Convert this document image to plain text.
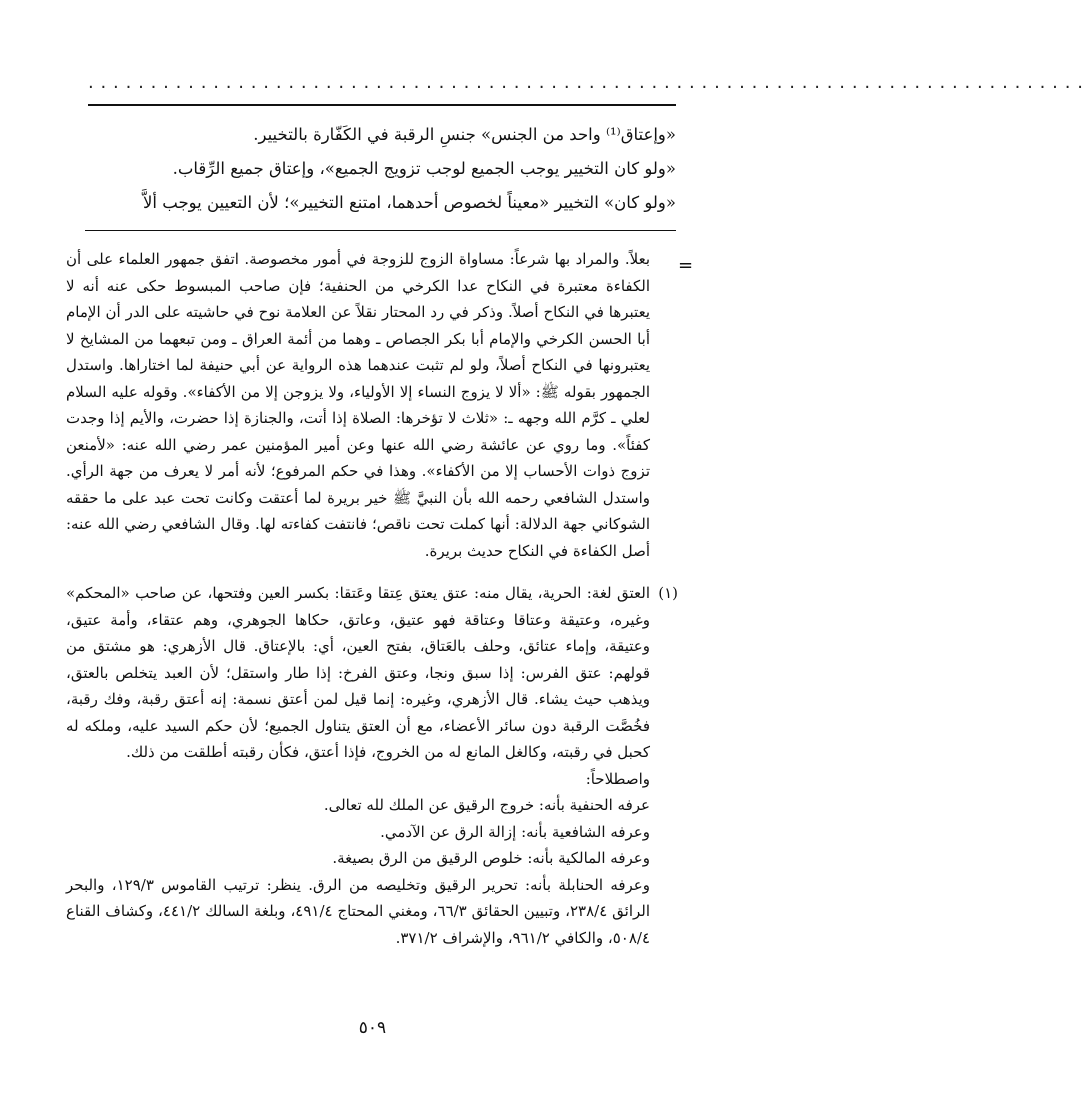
................................................................................

«وإعتاق⁽¹⁾ واحد من الجنس» جنسِ الرقبة في الكَفّارة بالتخيير.

«ولو كان التخيير يوجب الجميع لوجب تزويج الجميع»، وإعتاق جميع الرِّقاب.

«ولو كان» التخيير «معيناً لخصوص أحدهما، امتنع التخيير»؛ لأن التعيين يوجب ألاَّ

=

بعلاً. والمراد بها شرعاً: مساواة الزوج للزوجة في أمور مخصوصة. اتفق جمهور العلماء على أن الكفاءة معتبرة في النكاح عدا الكرخي من الحنفية؛ فإن صاحب المبسوط حكى عنه أنه لا يعتبرها في النكاح أصلاً. وذكر في رد المحتار نقلاً عن العلامة نوح في حاشيته على الدر أن الإمام أبا الحسن الكرخي والإمام أبا بكر الجصاص ـ وهما من أئمة العراق ـ ومن تبعهما من المشايخ لا يعتبرونها في النكاح أصلاً، ولو لم تثبت عندهما هذه الرواية عن أبي حنيفة لما اختاراها. واستدل الجمهور بقوله ﷺ: «ألا لا يزوج النساء إلا الأولياء، ولا يزوجن إلا من الأكفاء». وقوله عليه السلام لعلي ـ كرَّم الله وجهه ـ: «ثلاث لا تؤخرها: الصلاة إذا أتت، والجنازة إذا حضرت، والأيم إذا وجدت كفئاً». وما روي عن عائشة رضي الله عنها وعن أمير المؤمنين عمر رضي الله عنه: «لأمنعن تزوج ذوات الأحساب إلا من الأكفاء». وهذا في حكم المرفوع؛ لأنه أمر لا يعرف من جهة الرأي. واستدل الشافعي رحمه الله بأن النبيَّ ﷺ خير بريرة لما أعتقت وكانت تحت عبد على ما حققه الشوكاني جهة الدلالة: أنها كملت تحت ناقص؛ فانتفت كفاءته لها. وقال الشافعي رضي الله عنه: أصل الكفاءة في النكاح حديث بريرة.

(١)

العتق لغة: الحرية، يقال منه: عتق يعتق عِتقا وعَتقا: بكسر العين وفتحها، عن صاحب «المحكم» وغيره، وعتيقة وعتاقا وعتاقة فهو عتيق، وعاتق، حكاها الجوهري، وهم عتقاء، وأمة عتيق، وعتيقة، وإماء عتائق، وحلف بالعَتاق، بفتح العين، أي: بالإعتاق. قال الأزهري: هو مشتق من قولهم: عتق الفرس: إذا سبق ونجا، وعتق الفرخ: إذا طار واستقل؛ لأن العبد يتخلص بالعتق، ويذهب حيث يشاء. قال الأزهري، وغيره: إنما قيل لمن أعتق نسمة: إنه أعتق رقبة، وفك رقبة، فخُصَّت الرقبة دون سائر الأعضاء، مع أن العتق يتناول الجميع؛ لأن حكم السيد عليه، وملكه له كحبل في رقبته، وكالغل المانع له من الخروج، فإذا أعتق، فكأن رقبته أطلقت من ذلك.

واصطلاحاً:

عرفه الحنفية بأنه: خروج الرقيق عن الملك لله تعالى.

وعرفه الشافعية بأنه: إزالة الرق عن الآدمي.

وعرفه المالكية بأنه: خلوص الرقيق من الرق بصيغة.

وعرفه الحنابلة بأنه: تحرير الرقيق وتخليصه من الرق. ينظر: ترتيب القاموس ١٢٩/٣، والبحر الرائق ٢٣٨/٤، وتبيين الحقائق ٦٦/٣، ومغني المحتاج ٤٩١/٤، وبلغة السالك ٤٤١/٢، وكشاف القناع ٥٠٨/٤، والكافي ٩٦١/٢، والإشراف ٣٧١/٢.

٥٠٩
